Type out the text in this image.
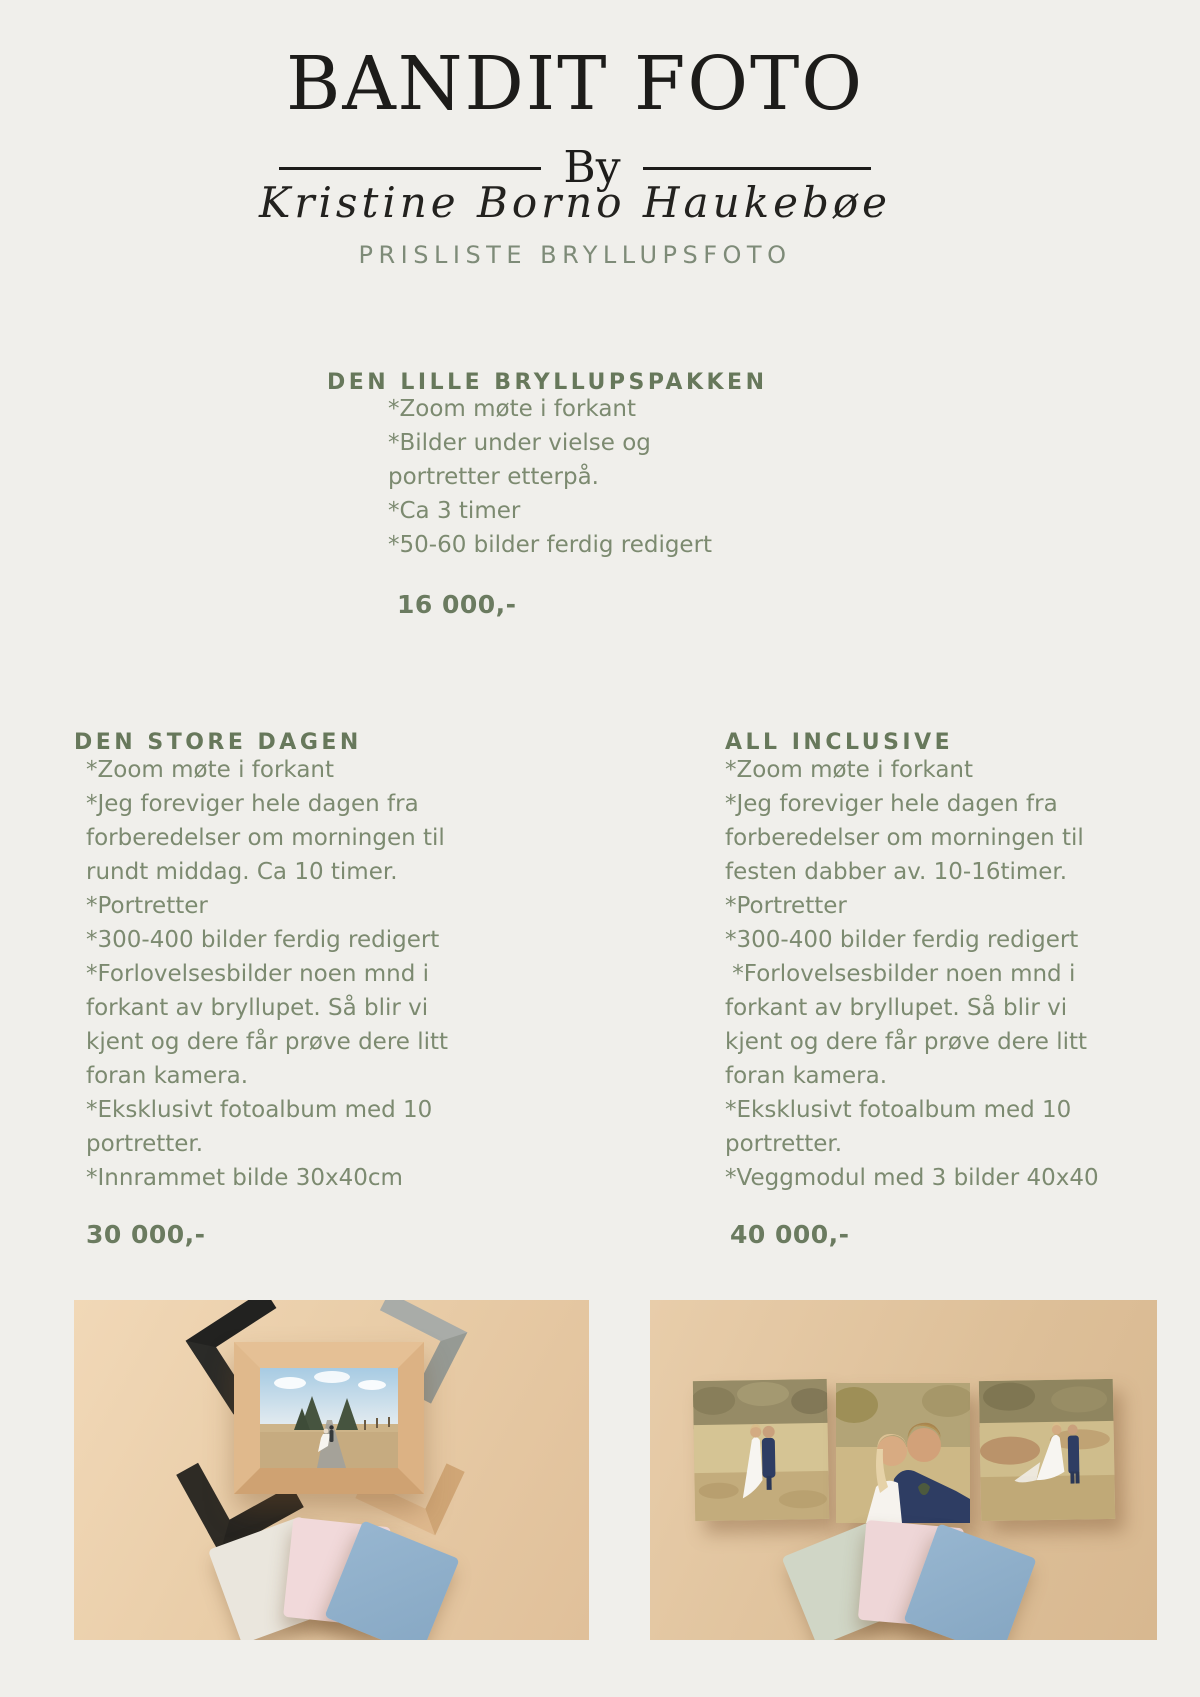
BANDIT FOTO
By
Kristine Borno Haukebøe
PRISLISTE BRYLLUPSFOTO
DEN LILLE BRYLLUPSPAKKEN
*Zoom møte i forkant
*Bilder under vielse og
portretter etterpå.
*Ca 3 timer
*50-60 bilder ferdig redigert
16 000,-
DEN STORE DAGEN
*Zoom møte i forkant
*Jeg foreviger hele dagen fra
forberedelser om morningen til
rundt middag. Ca 10 timer.
*Portretter
*300-400 bilder ferdig redigert
*Forlovelsesbilder noen mnd i
forkant av bryllupet. Så blir vi
kjent og dere får prøve dere litt
foran kamera.
*Eksklusivt fotoalbum med 10
portretter.
*Innrammet bilde 30x40cm
30 000,-
ALL INCLUSIVE
*Zoom møte i forkant
*Jeg foreviger hele dagen fra
forberedelser om morningen til
festen dabber av. 10-16timer.
*Portretter
*300-400 bilder ferdig redigert
*Forlovelsesbilder noen mnd i
forkant av bryllupet. Så blir vi
kjent og dere får prøve dere litt
foran kamera.
*Eksklusivt fotoalbum med 10
portretter.
*Veggmodul med 3 bilder 40x40
40 000,-
